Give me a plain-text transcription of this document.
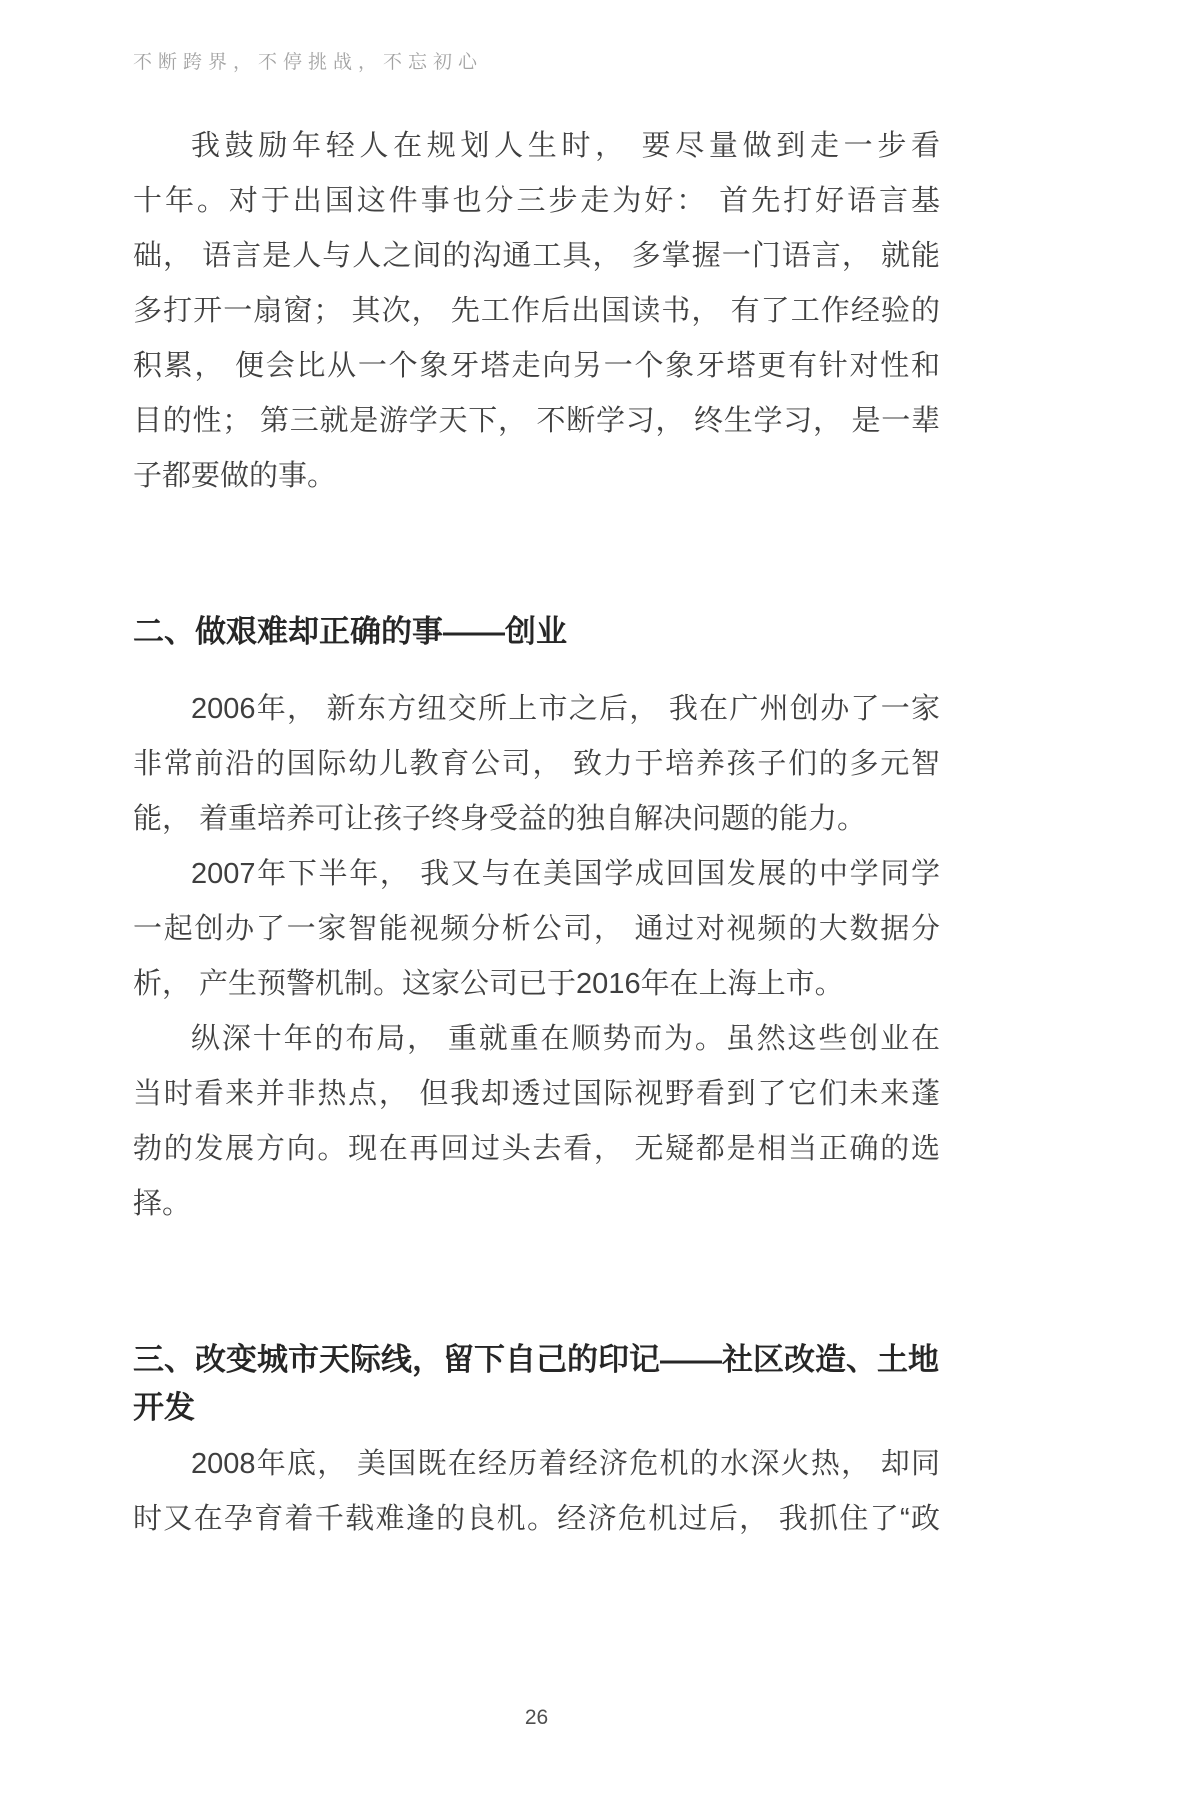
不断跨界，不停挑战，不忘初心
我鼓励年轻人在规划人生时， 要尽量做到走一步看
十年。对于出国这件事也分三步走为好： 首先打好语言基
础， 语言是人与人之间的沟通工具， 多掌握一门语言， 就能
多打开一扇窗； 其次， 先工作后出国读书， 有了工作经验的
积累， 便会比从一个象牙塔走向另一个象牙塔更有针对性和
目的性； 第三就是游学天下， 不断学习， 终生学习， 是一辈
子都要做的事。
二、做艰难却正确的事——创业
2006年， 新东方纽交所上市之后， 我在广州创办了一家
非常前沿的国际幼儿教育公司， 致力于培养孩子们的多元智
能， 着重培养可让孩子终身受益的独自解决问题的能力。
2007年下半年， 我又与在美国学成回国发展的中学同学
一起创办了一家智能视频分析公司， 通过对视频的大数据分
析， 产生预警机制。这家公司已于2016年在上海上市。
纵深十年的布局， 重就重在顺势而为。虽然这些创业在
当时看来并非热点， 但我却透过国际视野看到了它们未来蓬
勃的发展方向。现在再回过头去看， 无疑都是相当正确的选
择。
三、改变城市天际线，留下自己的印记——社区改造、土地
开发
2008年底， 美国既在经历着经济危机的水深火热， 却同
时又在孕育着千载难逢的良机。经济危机过后， 我抓住了“政
26
